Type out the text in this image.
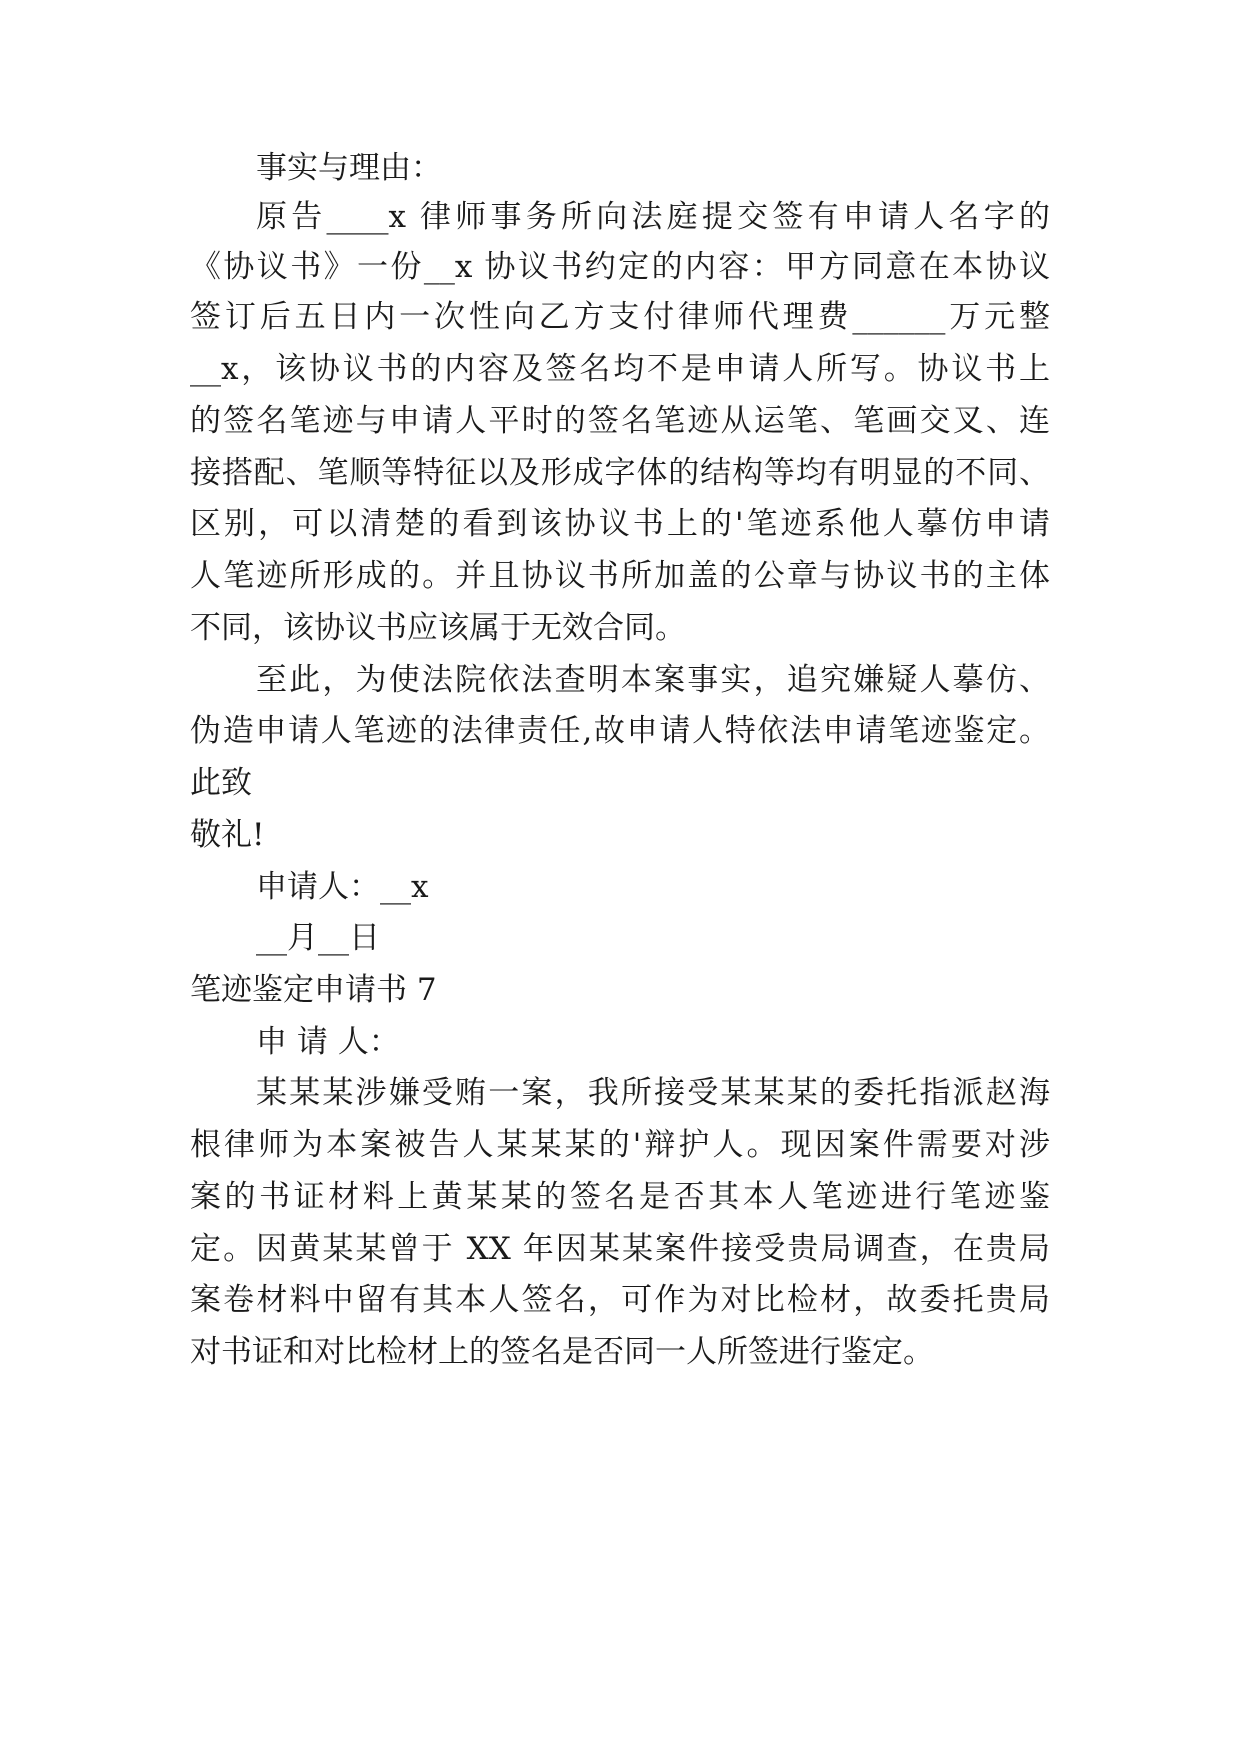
事实与理由：
原告____x 律师事务所向法庭提交签有申请人名字的
《协议书》一份__x 协议书约定的内容：甲方同意在本协议
签订后五日内一次性向乙方支付律师代理费______万元整
__x，该协议书的内容及签名均不是申请人所写。协议书上
的签名笔迹与申请人平时的签名笔迹从运笔、笔画交叉、连
接搭配、笔顺等特征以及形成字体的结构等均有明显的不同、
区别，可以清楚的看到该协议书上的'笔迹系他人摹仿申请
人笔迹所形成的。并且协议书所加盖的公章与协议书的主体
不同，该协议书应该属于无效合同。
至此，为使法院依法查明本案事实，追究嫌疑人摹仿、
伪造申请人笔迹的法律责任,故申请人特依法申请笔迹鉴定。
此致
敬礼!
申请人：__x
__月__日
笔迹鉴定申请书 7
申 请 人：
某某某涉嫌受贿一案，我所接受某某某的委托指派赵海
根律师为本案被告人某某某的'辩护人。现因案件需要对涉
案的书证材料上黄某某的签名是否其本人笔迹进行笔迹鉴
定。因黄某某曾于 XX 年因某某案件接受贵局调查，在贵局
案卷材料中留有其本人签名，可作为对比检材，故委托贵局
对书证和对比检材上的签名是否同一人所签进行鉴定。
